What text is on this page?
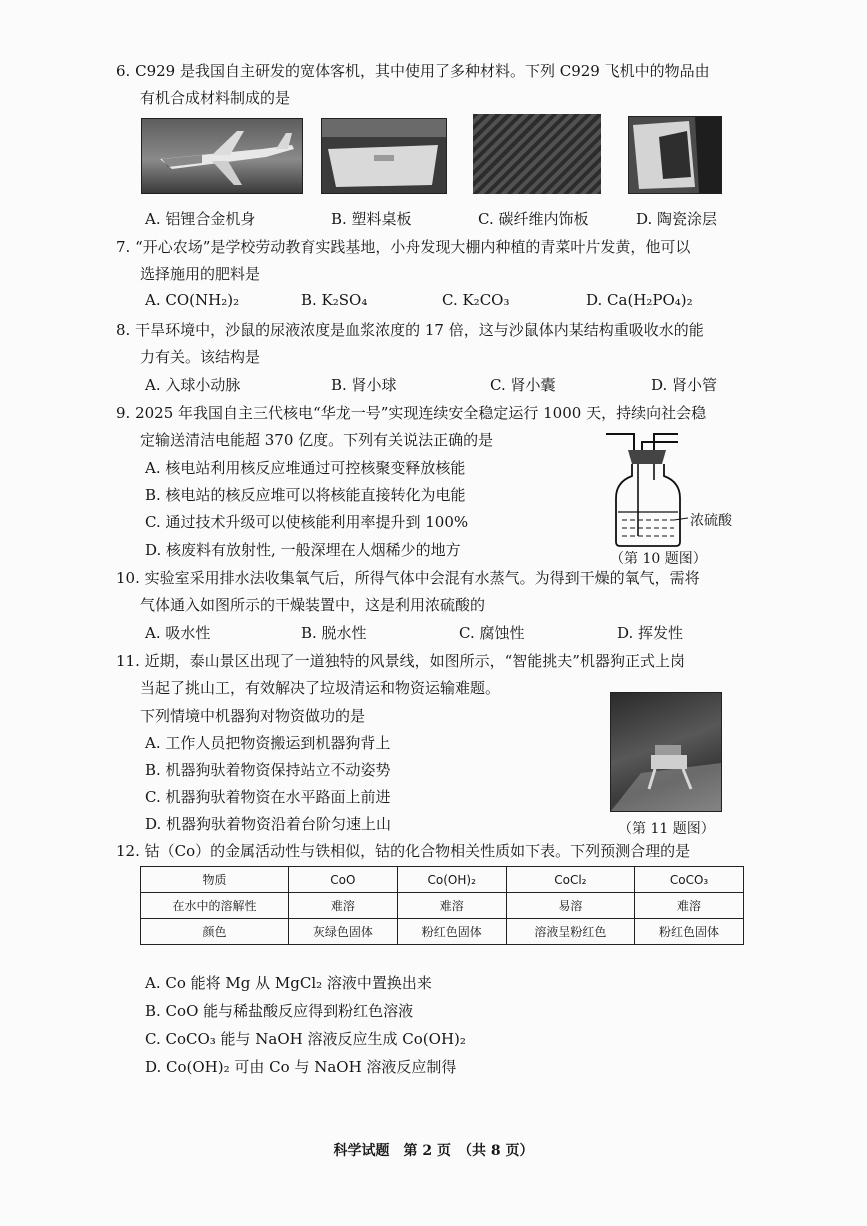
6. C929 是我国自主研发的宽体客机，其中使用了多种材料。下列 C929 飞机中的物品由
有机合成材料制成的是
A. 铝锂合金机身	B. 塑料桌板	C. 碳纤维内饰板	D. 陶瓷涂层
7. “开心农场”是学校劳动教育实践基地，小舟发现大棚内种植的青菜叶片发黄，他可以
选择施用的肥料是
A. CO(NH₂)₂	B. K₂SO₄	C. K₂CO₃	D. Ca(H₂PO₄)₂
8. 干旱环境中，沙鼠的尿液浓度是血浆浓度的 17 倍，这与沙鼠体内某结构重吸收水的能
力有关。该结构是
A. 入球小动脉	B. 肾小球	C. 肾小囊	D. 肾小管
9. 2025 年我国自主三代核电“华龙一号”实现连续安全稳定运行 1000 天，持续向社会稳
定输送清洁电能超 370 亿度。下列有关说法正确的是
A. 核电站利用核反应堆通过可控核聚变释放核能
B. 核电站的核反应堆可以将核能直接转化为电能
C. 通过技术升级可以使核能利用率提升到 100%
D. 核废料有放射性, 一般深埋在人烟稀少的地方
浓硫酸
（第 10 题图）
10. 实验室采用排水法收集氧气后，所得气体中会混有水蒸气。为得到干燥的氧气，需将
气体通入如图所示的干燥装置中，这是利用浓硫酸的
A. 吸水性	B. 脱水性	C. 腐蚀性	D. 挥发性
11. 近期，泰山景区出现了一道独特的风景线，如图所示，“智能挑夫”机器狗正式上岗
当起了挑山工，有效解决了垃圾清运和物资运输难题。
下列情境中机器狗对物资做功的是
A. 工作人员把物资搬运到机器狗背上
B. 机器狗驮着物资保持站立不动姿势
C. 机器狗驮着物资在水平路面上前进
D. 机器狗驮着物资沿着台阶匀速上山	（第 11 题图）
12. 钴（Co）的金属活动性与铁相似，钴的化合物相关性质如下表。下列预测合理的是
物质	CoO	Co(OH)₂	CoCl₂	CoCO₃
在水中的溶解性	难溶	难溶	易溶	难溶
颜色	灰绿色固体	粉红色固体	溶液呈粉红色	粉红色固体
A. Co 能将 Mg 从 MgCl₂ 溶液中置换出来
B. CoO 能与稀盐酸反应得到粉红色溶液
C. CoCO₃ 能与 NaOH 溶液反应生成 Co(OH)₂
D. Co(OH)₂ 可由 Co 与 NaOH 溶液反应制得
科学试题　第 2 页　（共 8 页）
